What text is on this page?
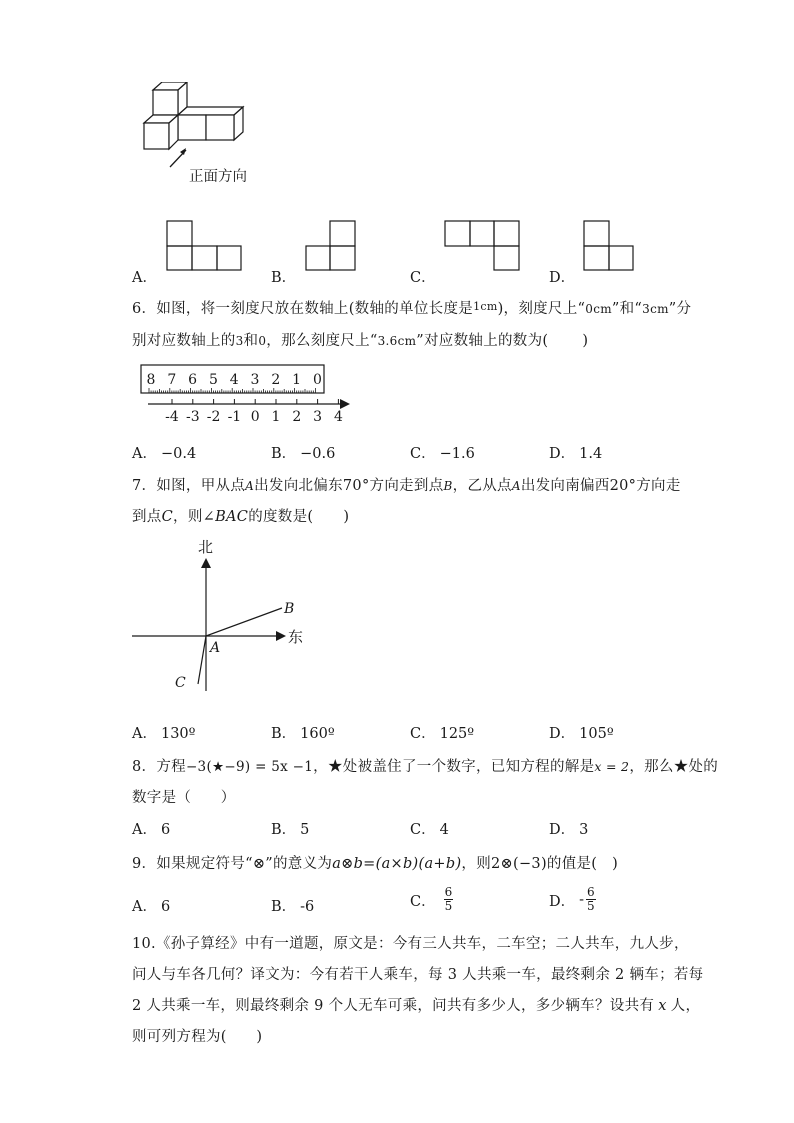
正面方向
A．	B．	C．	D．
6．如图，将一刻度尺放在数轴上(数轴的单位长度是$^{1cm}$)，刻度尺上“0cm”和“3cm”分
别对应数轴上的3和0，那么刻度尺上“3.6cm”对应数轴上的数为( )
8 7 6 5 4 3 2 1 0
-4 -3 -2 -1 0 1 2 3 4
A． −0.4	B． −0.6	C． −1.6	D． 1.4
7．如图，甲从点A出发向北偏东70°方向走到点B，乙从点A出发向南偏西20°方向走
到点C，则∠BAC的度数是( )
北
东
A
B
C
A． 130º	B． 160º	C． 125º	D． 105º
8．方程−3(★−9) = 5x −1，★处被盖住了一个数字，已知方程的解是x = 2，那么★处的
数字是（　　）
A． 6	B． 5	C． 4	D． 3
9．如果规定符号“⊗”的意义为a⊗b=(a×b)(a+b)，则2⊗(−3)的值是(　)
A． 6	B． -6	C． $\frac{6}{5}$	D． - $\frac{6}{5}$
10.《孙子算经》中有一道题，原文是：今有三人共车，二车空；二人共车，九人步，
问人与车各几何？译文为：今有若干人乘车，每 3 人共乘一车，最终剩余 2 辆车；若每
2 人共乘一车，则最终剩余 9 个人无车可乘，问共有多少人，多少辆车？设共有 x 人，
则可列方程为(　　)
